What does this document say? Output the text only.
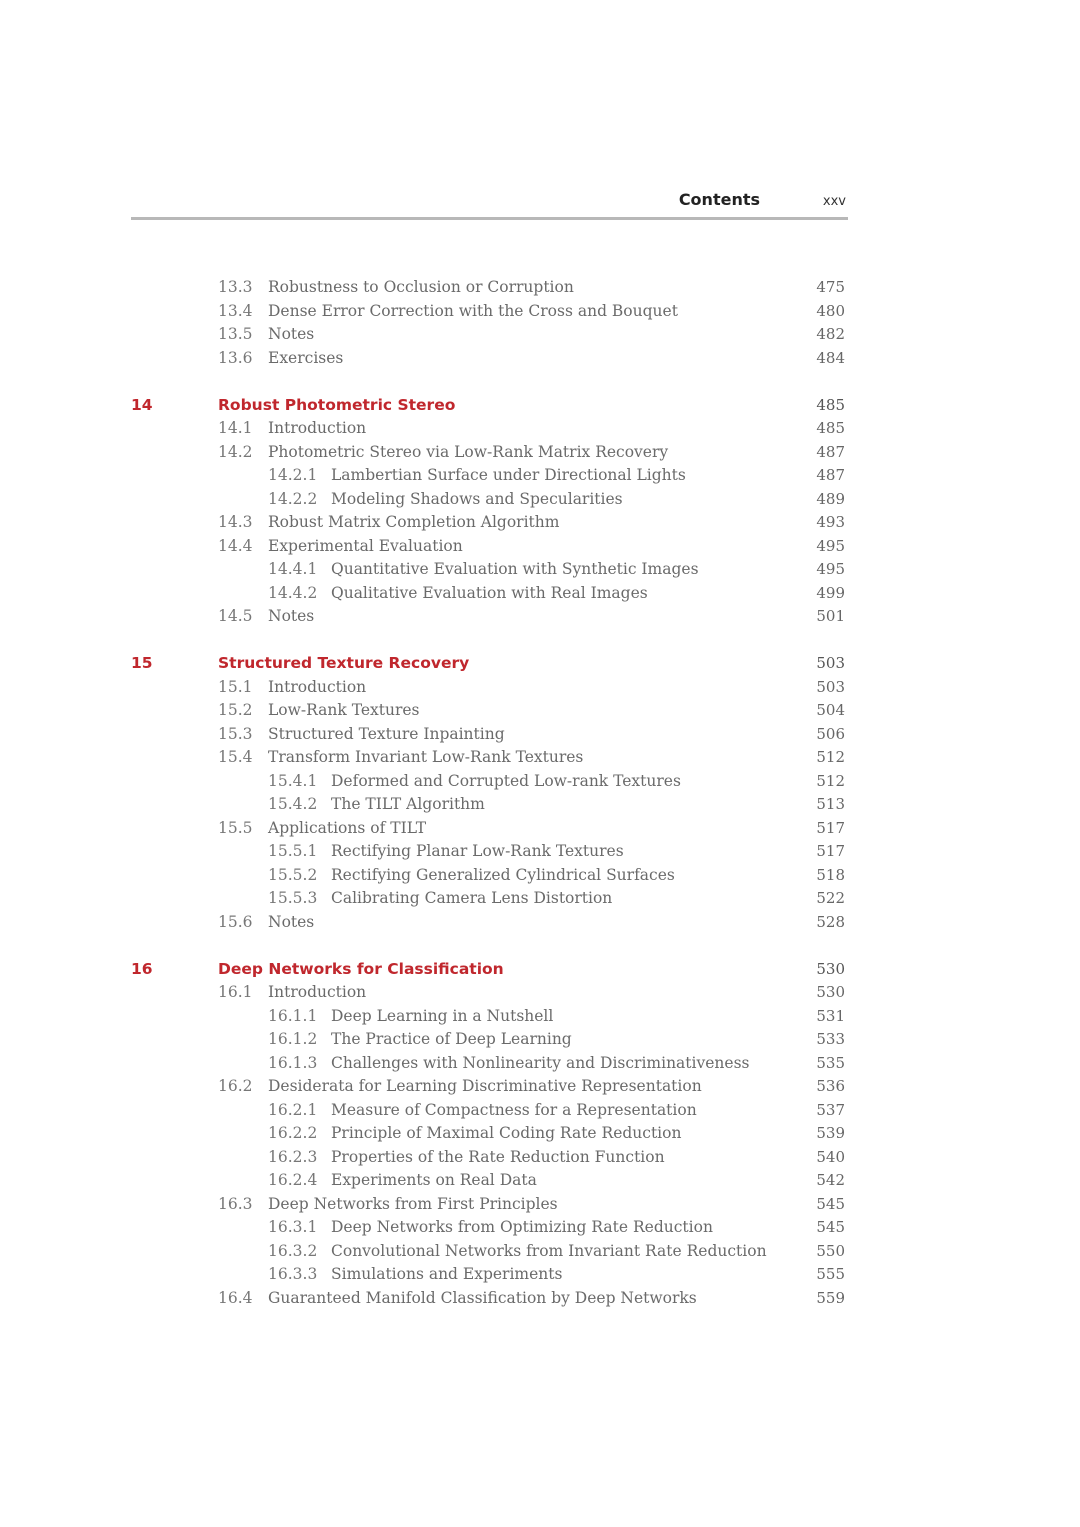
Contents	xxv
13.3 Robustness to Occlusion or Corruption	475
13.4 Dense Error Correction with the Cross and Bouquet	480
13.5 Notes	482
13.6 Exercises	484
14	Robust Photometric Stereo	485
14.1 Introduction	485
14.2 Photometric Stereo via Low-Rank Matrix Recovery	487
14.2.1 Lambertian Surface under Directional Lights	487
14.2.2 Modeling Shadows and Specularities	489
14.3 Robust Matrix Completion Algorithm	493
14.4 Experimental Evaluation	495
14.4.1 Quantitative Evaluation with Synthetic Images	495
14.4.2 Qualitative Evaluation with Real Images	499
14.5 Notes	501
15	Structured Texture Recovery	503
15.1 Introduction	503
15.2 Low-Rank Textures	504
15.3 Structured Texture Inpainting	506
15.4 Transform Invariant Low-Rank Textures	512
15.4.1 Deformed and Corrupted Low-rank Textures	512
15.4.2 The TILT Algorithm	513
15.5 Applications of TILT	517
15.5.1 Rectifying Planar Low-Rank Textures	517
15.5.2 Rectifying Generalized Cylindrical Surfaces	518
15.5.3 Calibrating Camera Lens Distortion	522
15.6 Notes	528
16	Deep Networks for Classification	530
16.1 Introduction	530
16.1.1 Deep Learning in a Nutshell	531
16.1.2 The Practice of Deep Learning	533
16.1.3 Challenges with Nonlinearity and Discriminativeness	535
16.2 Desiderata for Learning Discriminative Representation	536
16.2.1 Measure of Compactness for a Representation	537
16.2.2 Principle of Maximal Coding Rate Reduction	539
16.2.3 Properties of the Rate Reduction Function	540
16.2.4 Experiments on Real Data	542
16.3 Deep Networks from First Principles	545
16.3.1 Deep Networks from Optimizing Rate Reduction	545
16.3.2 Convolutional Networks from Invariant Rate Reduction	550
16.3.3 Simulations and Experiments	555
16.4 Guaranteed Manifold Classification by Deep Networks	559
